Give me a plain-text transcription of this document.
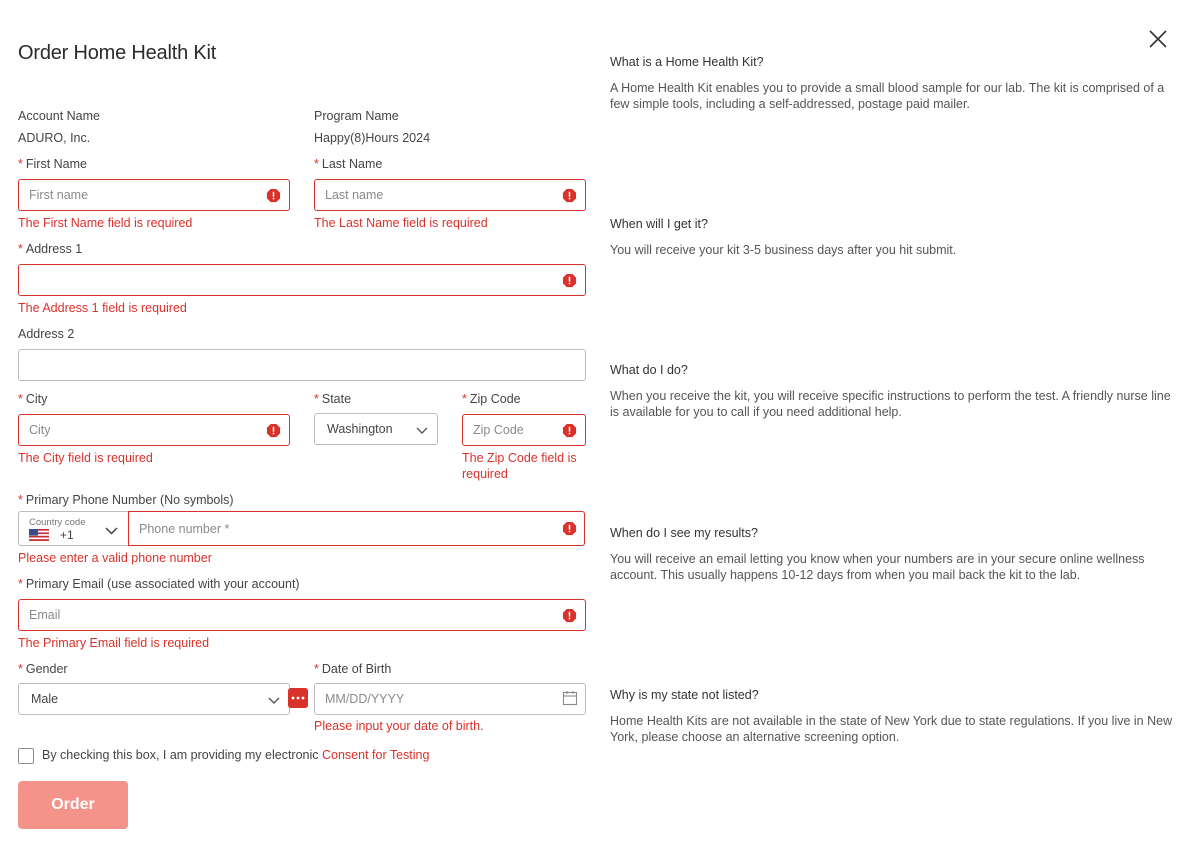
Order Home Health Kit
Account Name
ADURO, Inc.
Program Name
Happy(8)Hours 2024
* First Name
First name
The First Name field is required
* Last Name
Last name
The Last Name field is required
* Address 1
The Address 1 field is required
Address 2
* City
City
The City field is required
* State
Washington
* Zip Code
Zip Code
The Zip Code field is required
* Primary Phone Number (No symbols)
Country code
+1
Phone number *
Please enter a valid phone number
* Primary Email (use associated with your account)
Email
The Primary Email field is required
* Gender
Male
* Date of Birth
MM/DD/YYYY
Please input your date of birth.
By checking this box, I am providing my electronic Consent for Testing
Order
What is a Home Health Kit?
A Home Health Kit enables you to provide a small blood sample for our lab. The kit is comprised of a few simple tools, including a self-addressed, postage paid mailer.
When will I get it?
You will receive your kit 3-5 business days after you hit submit.
What do I do?
When you receive the kit, you will receive specific instructions to perform the test. A friendly nurse line is available for you to call if you need additional help.
When do I see my results?
You will receive an email letting you know when your numbers are in your secure online wellness account. This usually happens 10-12 days from when you mail back the kit to the lab.
Why is my state not listed?
Home Health Kits are not available in the state of New York due to state regulations. If you live in New York, please choose an alternative screening option.
